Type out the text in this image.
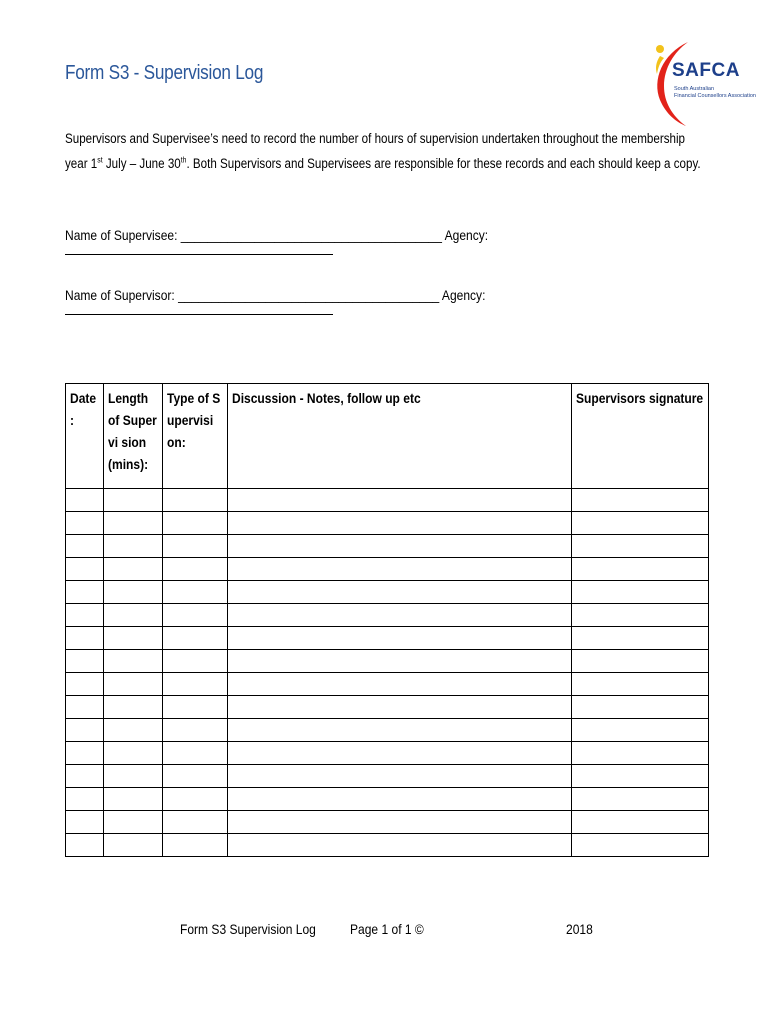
Form S3 - Supervision Log	SAFCA
South Australian
Financial Counsellors Association
Supervisors and Supervisee’s need to record the number of hours of supervision undertaken throughout the membership
year 1st July – June 30th. Both Supervisors and Supervisees are responsible for these records and each should keep a copy.
Name of Supervisee: _______________________________________ Agency:
Name of Supervisor: _______________________________________ Agency:
Date :	Length of Supervi sion (mins):	Type of Supervisi on:	Discussion - Notes, follow up etc	Supervisors signature

Form S3 Supervision Log Page 1 of 1 ©	2018
